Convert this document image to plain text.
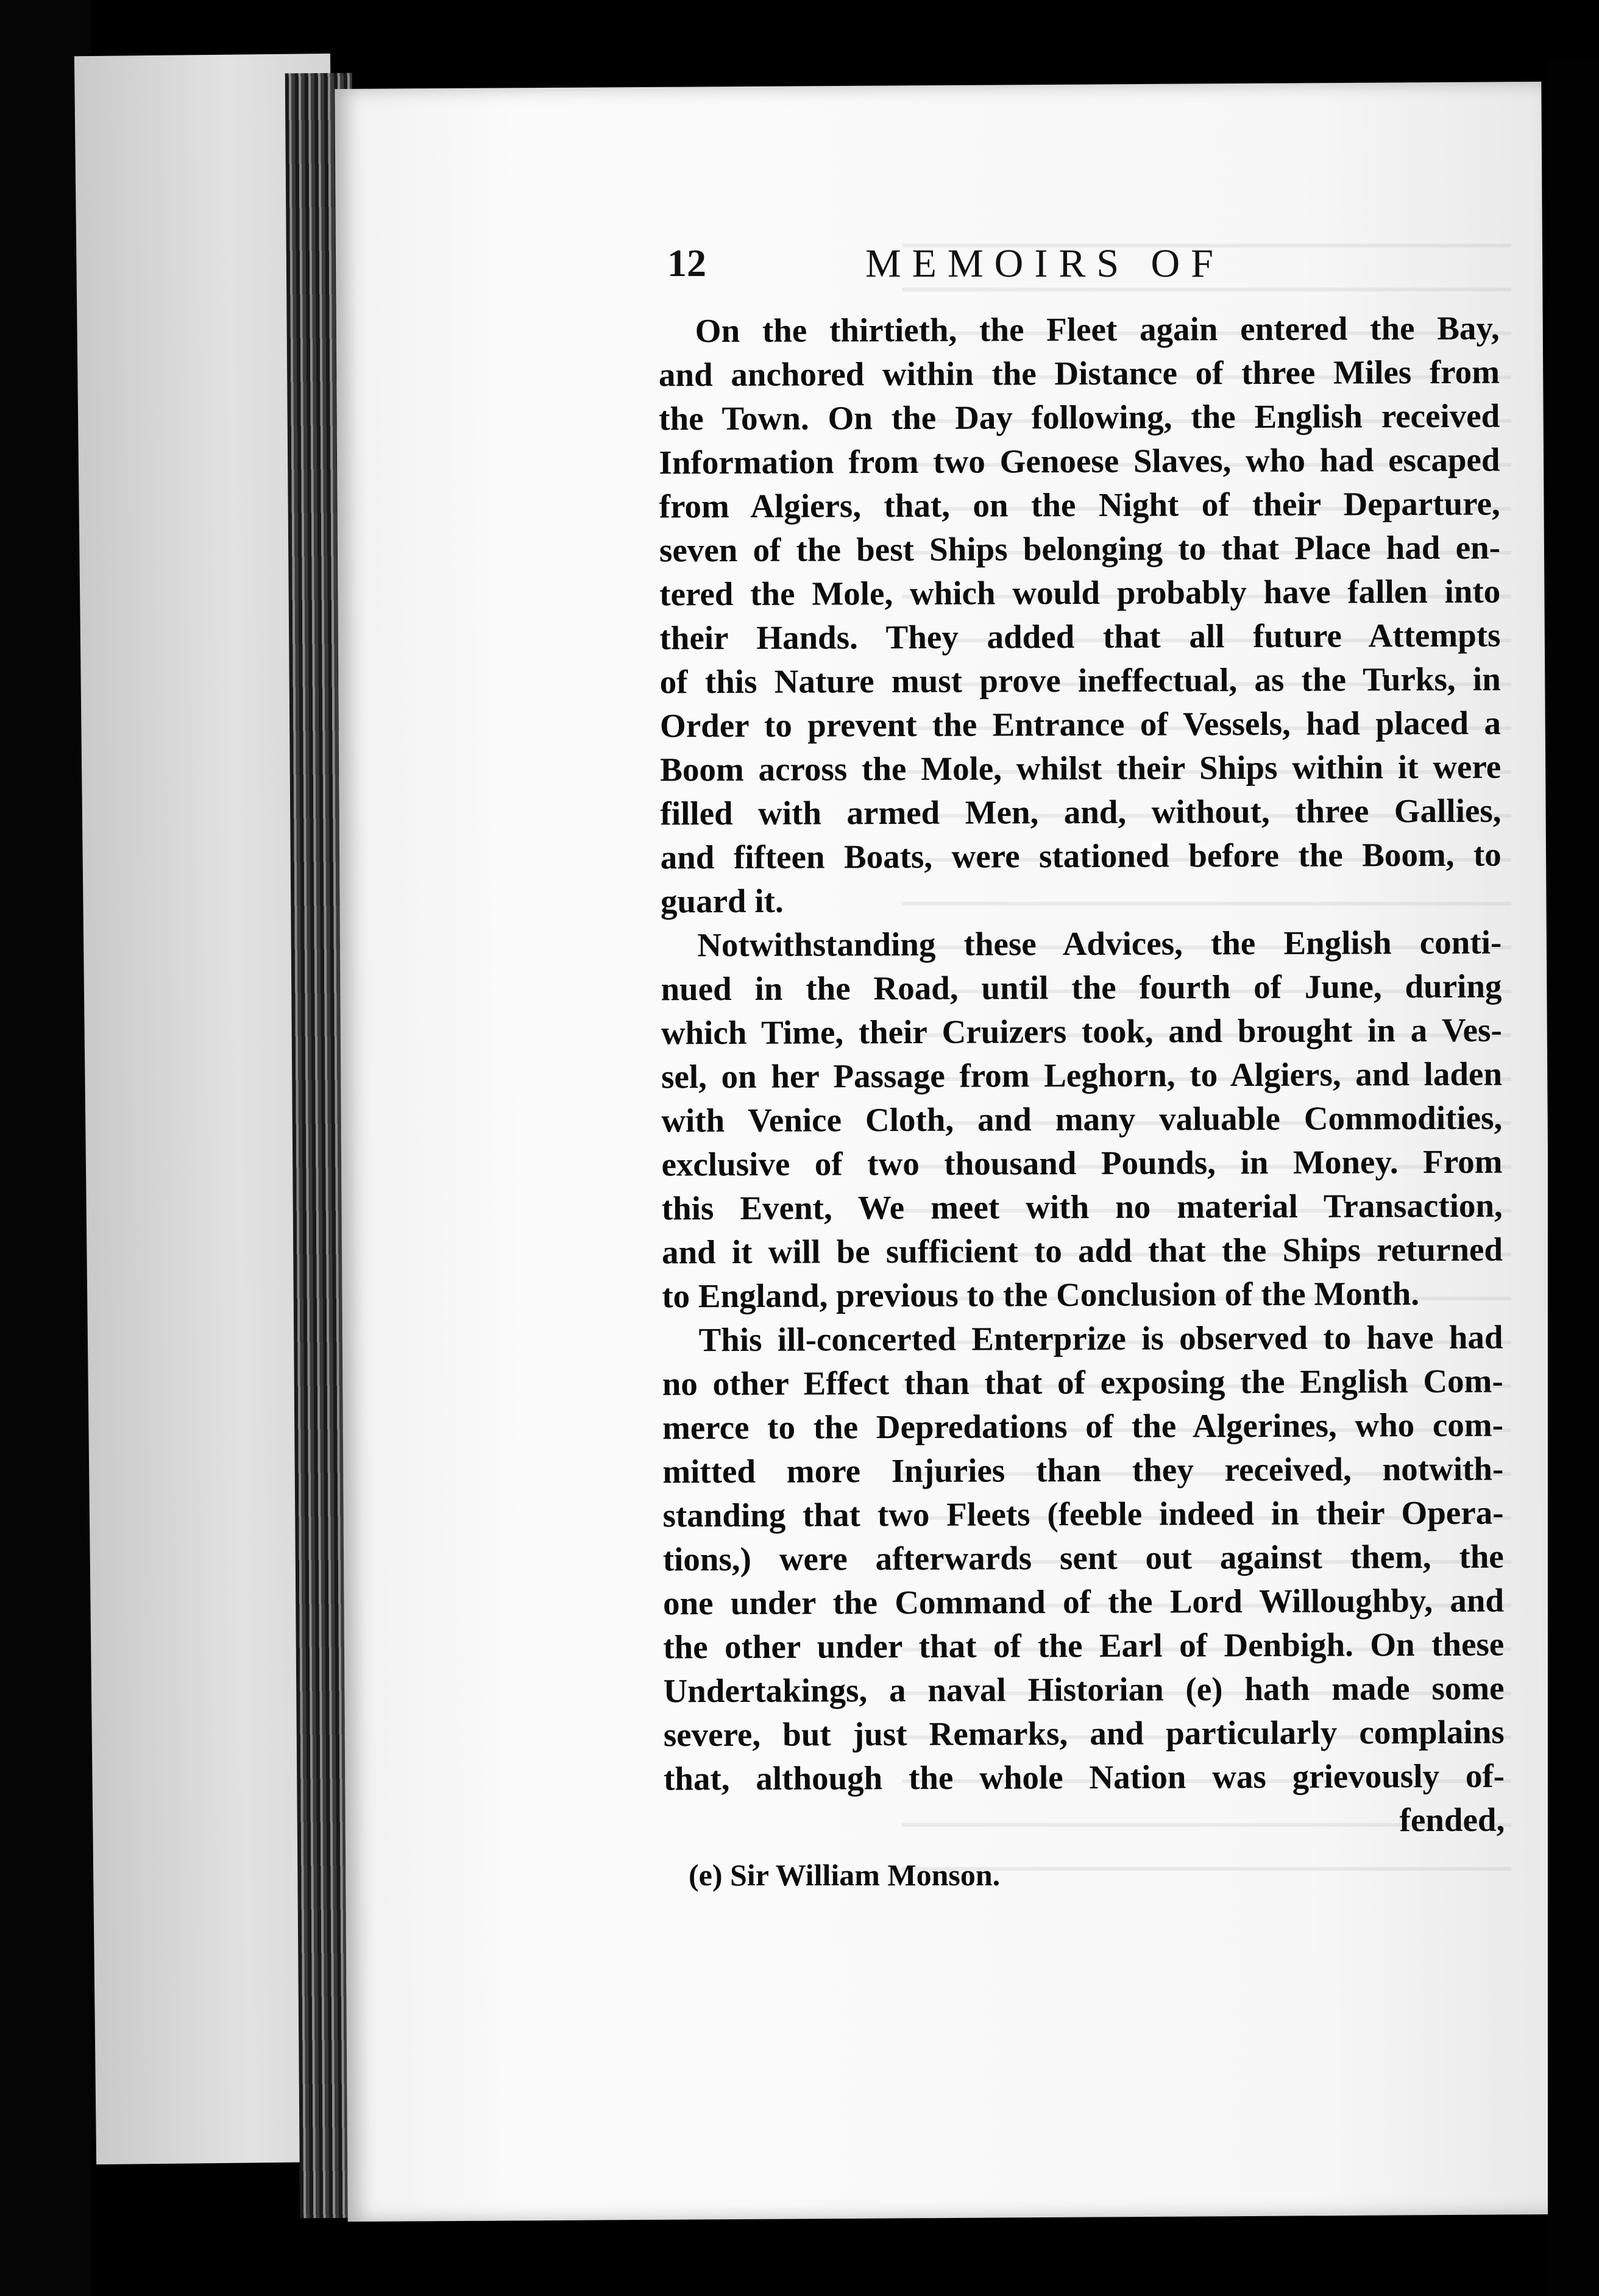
12	MEMOIRS OF
On the thirtieth, the Fleet again entered the Bay,
and anchored within the Distance of three Miles from
the Town. On the Day following, the English received
Information from two Genoese Slaves, who had escaped
from Algiers, that, on the Night of their Departure,
seven of the best Ships belonging to that Place had en-
tered the Mole, which would probably have fallen into
their Hands. They added that all future Attempts
of this Nature must prove ineffectual, as the Turks, in
Order to prevent the Entrance of Vessels, had placed a
Boom across the Mole, whilst their Ships within it were
filled with armed Men, and, without, three Gallies,
and fifteen Boats, were stationed before the Boom, to
guard it.
Notwithstanding these Advices, the English conti-
nued in the Road, until the fourth of June, during
which Time, their Cruizers took, and brought in a Ves-
sel, on her Passage from Leghorn, to Algiers, and laden
with Venice Cloth, and many valuable Commodities,
exclusive of two thousand Pounds, in Money. From
this Event, We meet with no material Transaction,
and it will be sufficient to add that the Ships returned
to England, previous to the Conclusion of the Month.
This ill-concerted Enterprize is observed to have had
no other Effect than that of exposing the English Com-
merce to the Depredations of the Algerines, who com-
mitted more Injuries than they received, notwith-
standing that two Fleets (feeble indeed in their Opera-
tions,) were afterwards sent out against them, the
one under the Command of the Lord Willoughby, and
the other under that of the Earl of Denbigh. On these
Undertakings, a naval Historian (e) hath made some
severe, but just Remarks, and particularly complains
that, although the whole Nation was grievously of-
fended,
(e) Sir William Monson.
